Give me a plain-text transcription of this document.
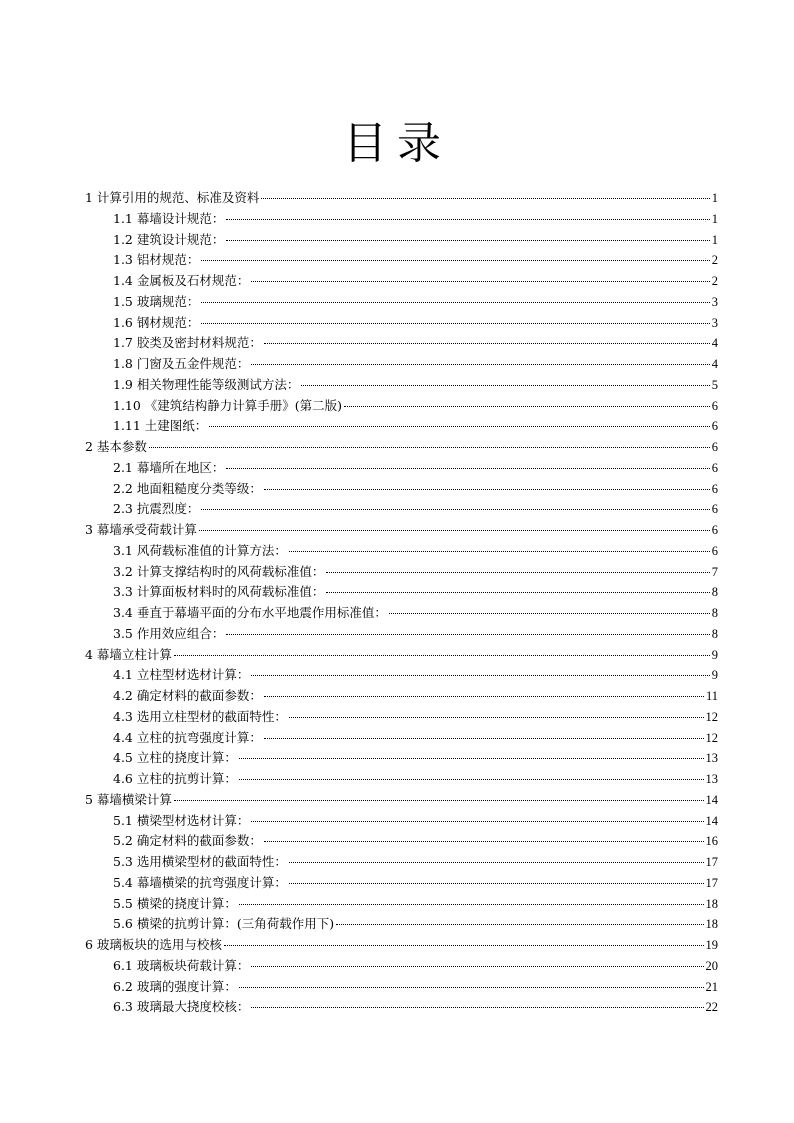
目录
1 计算引用的规范、标准及资料	1
1.1 幕墙设计规范：	1
1.2 建筑设计规范：	1
1.3 铝材规范：	2
1.4 金属板及石材规范：	2
1.5 玻璃规范：	3
1.6 钢材规范：	3
1.7 胶类及密封材料规范：	4
1.8 门窗及五金件规范：	4
1.9 相关物理性能等级测试方法：	5
1.10 《建筑结构静力计算手册》(第二版)	6
1.11 土建图纸：	6
2 基本参数	6
2.1 幕墙所在地区：	6
2.2 地面粗糙度分类等级：	6
2.3 抗震烈度：	6
3 幕墙承受荷载计算	6
3.1 风荷载标准值的计算方法：	6
3.2 计算支撑结构时的风荷载标准值：	7
3.3 计算面板材料时的风荷载标准值：	8
3.4 垂直于幕墙平面的分布水平地震作用标准值：	8
3.5 作用效应组合：	8
4 幕墙立柱计算	9
4.1 立柱型材选材计算：	9
4.2 确定材料的截面参数：	11
4.3 选用立柱型材的截面特性：	12
4.4 立柱的抗弯强度计算：	12
4.5 立柱的挠度计算：	13
4.6 立柱的抗剪计算：	13
5 幕墙横梁计算	14
5.1 横梁型材选材计算：	14
5.2 确定材料的截面参数：	16
5.3 选用横梁型材的截面特性：	17
5.4 幕墙横梁的抗弯强度计算：	17
5.5 横梁的挠度计算：	18
5.6 横梁的抗剪计算：(三角荷载作用下)	18
6 玻璃板块的选用与校核	19
6.1 玻璃板块荷载计算：	20
6.2 玻璃的强度计算：	21
6.3 玻璃最大挠度校核：	22
